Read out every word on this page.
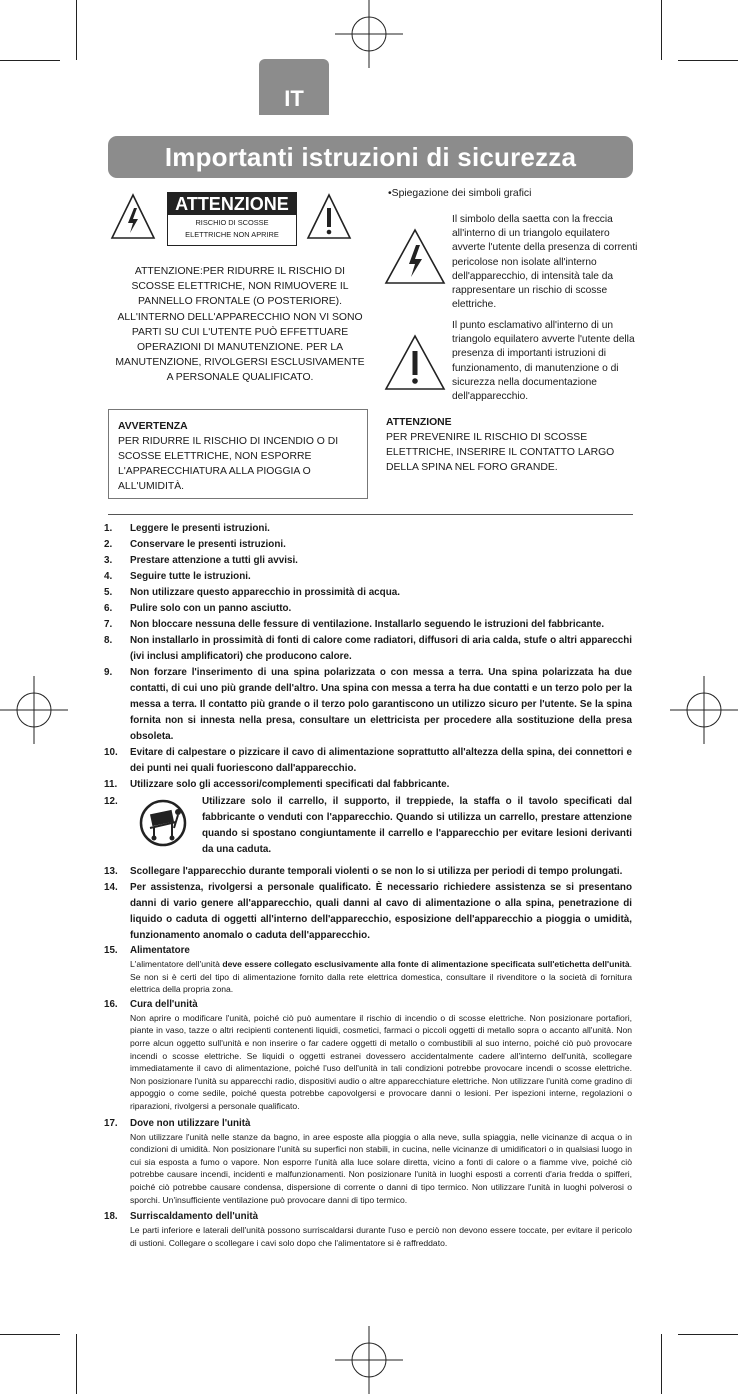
IT
Importanti istruzioni di sicurezza
ATTENZIONE
RISCHIO DI SCOSSE
ELETTRICHE NON APRIRE
ATTENZIONE:PER RIDURRE IL RISCHIO DI SCOSSE ELETTRICHE, NON RIMUOVERE IL PANNELLO FRONTALE (O POSTERIORE). ALL'INTERNO DELL'APPARECCHIO NON VI SONO PARTI SU CUI L'UTENTE PUÒ EFFETTUARE OPERAZIONI DI MANUTENZIONE. PER LA MANUTENZIONE, RIVOLGERSI ESCLUSIVAMENTE A PERSONALE QUALIFICATO.
AVVERTENZA
PER RIDURRE IL RISCHIO DI INCENDIO O DI SCOSSE ELETTRICHE, NON ESPORRE L'APPARECCHIATURA ALLA PIOGGIA O ALL'UMIDITÀ.
•Spiegazione dei simboli grafici
Il simbolo della saetta con la freccia all'interno di un triangolo equilatero avverte l'utente della presenza di correnti pericolose non isolate all'interno dell'apparecchio, di intensità tale da rappresentare un rischio di scosse elettriche.
Il punto esclamativo all'interno di un triangolo equilatero avverte l'utente della presenza di importanti istruzioni di funzionamento, di manutenzione o di sicurezza nella documentazione dell'apparecchio.
ATTENZIONE
PER PREVENIRE IL RISCHIO DI SCOSSE ELETTRICHE, INSERIRE IL CONTATTO LARGO DELLA SPINA NEL FORO GRANDE.
1. Leggere le presenti istruzioni.
2. Conservare le presenti istruzioni.
3. Prestare attenzione a tutti gli avvisi.
4. Seguire tutte le istruzioni.
5. Non utilizzare questo apparecchio in prossimità di acqua.
6. Pulire solo con un panno asciutto.
7. Non bloccare nessuna delle fessure di ventilazione. Installarlo seguendo le istruzioni del fabbricante.
8. Non installarlo in prossimità di fonti di calore come radiatori, diffusori di aria calda, stufe o altri apparecchi (ivi inclusi amplificatori) che producono calore.
9. Non forzare l'inserimento di una spina polarizzata o con messa a terra. Una spina polarizzata ha due contatti, di cui uno più grande dell'altro. Una spina con messa a terra ha due contatti e un terzo polo per la messa a terra. Il contatto più grande o il terzo polo garantiscono un utilizzo sicuro per l'utente. Se la spina fornita non si innesta nella presa, consultare un elettricista per procedere alla sostituzione della presa obsoleta.
10. Evitare di calpestare o pizzicare il cavo di alimentazione soprattutto all'altezza della spina, dei connettori e dei punti nei quali fuoriescono dall'apparecchio.
11. Utilizzare solo gli accessori/complementi specificati dal fabbricante.
12.	Utilizzare solo il carrello, il supporto, il treppiede, la staffa o il tavolo specificati dal fabbricante o venduti con l'apparecchio. Quando si utilizza un carrello, prestare attenzione quando si spostano congiuntamente il carrello e l'apparecchio per evitare lesioni derivanti da una caduta.
13. Scollegare l'apparecchio durante temporali violenti o se non lo si utilizza per periodi di tempo prolungati.
14. Per assistenza, rivolgersi a personale qualificato. È necessario richiedere assistenza se si presentano danni di vario genere all'apparecchio, quali danni al cavo di alimentazione o alla spina, penetrazione di liquido o caduta di oggetti all'interno dell'apparecchio, esposizione dell'apparecchio a pioggia o umidità, funzionamento anomalo o caduta dell'apparecchio.
15. Alimentatore
L'alimentatore dell'unità deve essere collegato esclusivamente alla fonte di alimentazione specificata sull'etichetta dell'unità. Se non si è certi del tipo di alimentazione fornito dalla rete elettrica domestica, consultare il rivenditore o la società di fornitura elettrica della propria zona.
16. Cura dell'unità
Non aprire o modificare l'unità, poiché ciò può aumentare il rischio di incendio o di scosse elettriche. Non posizionare portafiori, piante in vaso, tazze o altri recipienti contenenti liquidi, cosmetici, farmaci o piccoli oggetti di metallo sopra o accanto all'unità. Non porre alcun oggetto sull'unità e non inserire o far cadere oggetti di metallo o combustibili al suo interno, poiché ciò può provocare incendi o scosse elettriche. Se liquidi o oggetti estranei dovessero accidentalmente cadere all'interno dell'unità, scollegare immediatamente il cavo di alimentazione, poiché l'uso dell'unità in tali condizioni potrebbe provocare incendi o scosse elettriche. Non posizionare l'unità su apparecchi radio, dispositivi audio o altre apparecchiature elettriche. Non utilizzare l'unità come gradino di appoggio o come sedile, poiché questa potrebbe capovolgersi e provocare danni o lesioni. Per ispezioni interne, regolazioni o riparazioni, rivolgersi a personale qualificato.
17. Dove non utilizzare l'unità
Non utilizzare l'unità nelle stanze da bagno, in aree esposte alla pioggia o alla neve, sulla spiaggia, nelle vicinanze di acqua o in condizioni di umidità. Non posizionare l'unità su superfici non stabili, in cucina, nelle vicinanze di umidificatori o in qualsiasi luogo in cui sia esposta a fumo o vapore. Non esporre l'unità alla luce solare diretta, vicino a fonti di calore o a fiamme vive, poiché ciò potrebbe causare incendi, incidenti e malfunzionamenti. Non posizionare l'unità in luoghi esposti a correnti d'aria fredda o spifferi, poiché ciò potrebbe causare condensa, dispersione di corrente o danni di tipo termico. Non utilizzare l'unità in luoghi polverosi o sporchi. Un'insufficiente ventilazione può provocare danni di tipo termico.
18. Surriscaldamento dell'unità
Le parti inferiore e laterali dell'unità possono surriscaldarsi durante l'uso e perciò non devono essere toccate, per evitare il pericolo di ustioni. Collegare o scollegare i cavi solo dopo che l'alimentatore si è raffreddato.
